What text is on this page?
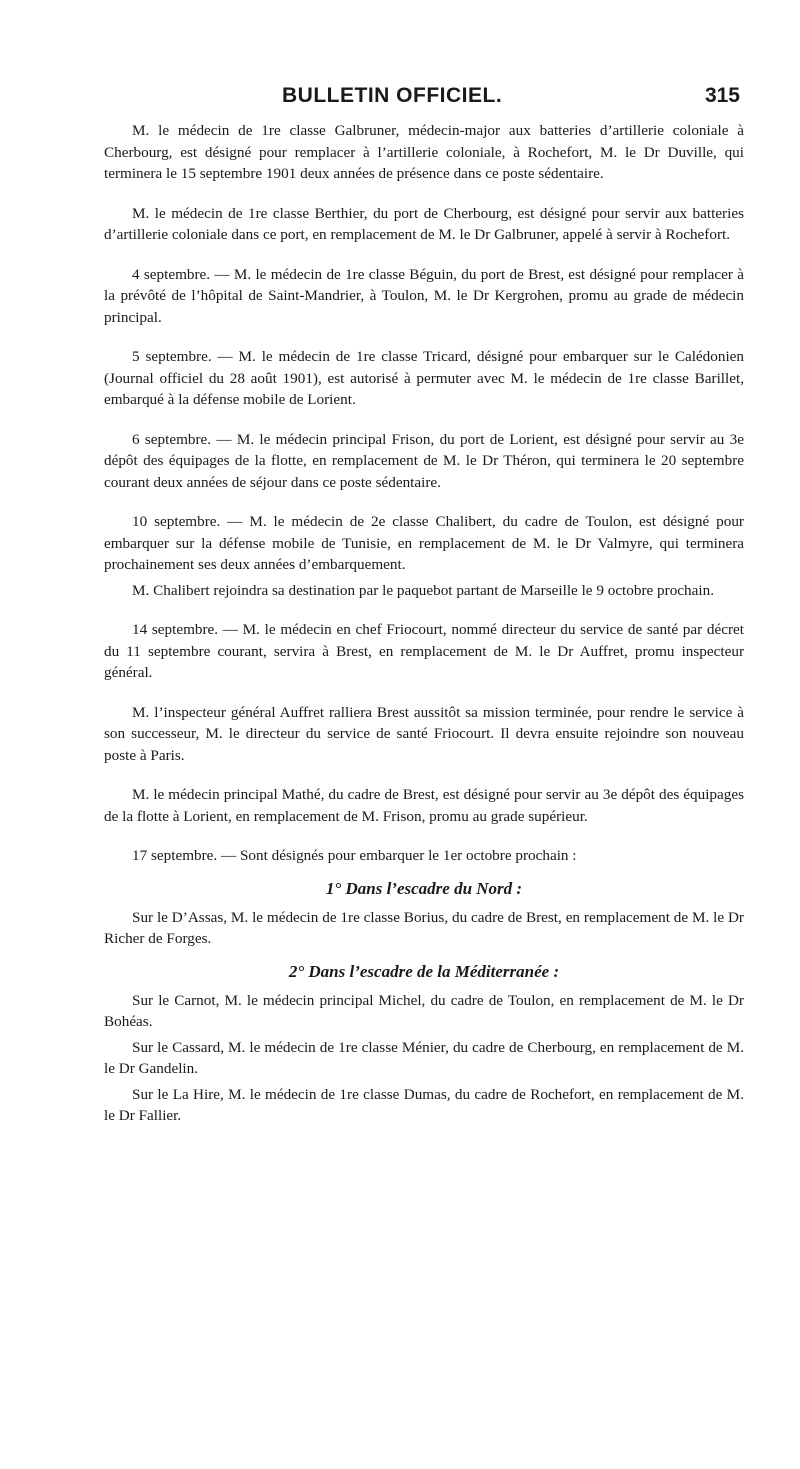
BULLETIN OFFICIEL.	315

M. le médecin de 1re classe Galbruner, médecin-major aux batteries d’artillerie coloniale à Cherbourg, est désigné pour remplacer à l’artillerie coloniale, à Rochefort, M. le Dr Duville, qui terminera le 15 septembre 1901 deux années de présence dans ce poste sédentaire.

M. le médecin de 1re classe Berthier, du port de Cherbourg, est désigné pour servir aux batteries d’artillerie coloniale dans ce port, en remplacement de M. le Dr Galbruner, appelé à servir à Rochefort.

4 septembre. — M. le médecin de 1re classe Béguin, du port de Brest, est désigné pour remplacer à la prévôté de l’hôpital de Saint-Mandrier, à Toulon, M. le Dr Kergrohen, promu au grade de médecin principal.

5 septembre. — M. le médecin de 1re classe Tricard, désigné pour embarquer sur le Calédonien (Journal officiel du 28 août 1901), est autorisé à permuter avec M. le médecin de 1re classe Barillet, embarqué à la défense mobile de Lorient.

6 septembre. — M. le médecin principal Frison, du port de Lorient, est désigné pour servir au 3e dépôt des équipages de la flotte, en remplacement de M. le Dr Théron, qui terminera le 20 septembre courant deux années de séjour dans ce poste sédentaire.

10 septembre. — M. le médecin de 2e classe Chalibert, du cadre de Toulon, est désigné pour embarquer sur la défense mobile de Tunisie, en remplacement de M. le Dr Valmyre, qui terminera prochainement ses deux années d’embarquement.

M. Chalibert rejoindra sa destination par le paquebot partant de Marseille le 9 octobre prochain.

14 septembre. — M. le médecin en chef Friocourt, nommé directeur du service de santé par décret du 11 septembre courant, servira à Brest, en remplacement de M. le Dr Auffret, promu inspecteur général.

M. l’inspecteur général Auffret ralliera Brest aussitôt sa mission terminée, pour rendre le service à son successeur, M. le directeur du service de santé Friocourt. Il devra ensuite rejoindre son nouveau poste à Paris.

M. le médecin principal Mathé, du cadre de Brest, est désigné pour servir au 3e dépôt des équipages de la flotte à Lorient, en remplacement de M. Frison, promu au grade supérieur.

17 septembre. — Sont désignés pour embarquer le 1er octobre prochain :

1° Dans l’escadre du Nord :

Sur le D’Assas, M. le médecin de 1re classe Borius, du cadre de Brest, en remplacement de M. le Dr Richer de Forges.

2° Dans l’escadre de la Méditerranée :

Sur le Carnot, M. le médecin principal Michel, du cadre de Toulon, en remplacement de M. le Dr Bohéas.

Sur le Cassard, M. le médecin de 1re classe Ménier, du cadre de Cherbourg, en remplacement de M. le Dr Gandelin.

Sur le La Hire, M. le médecin de 1re classe Dumas, du cadre de Rochefort, en remplacement de M. le Dr Fallier.
